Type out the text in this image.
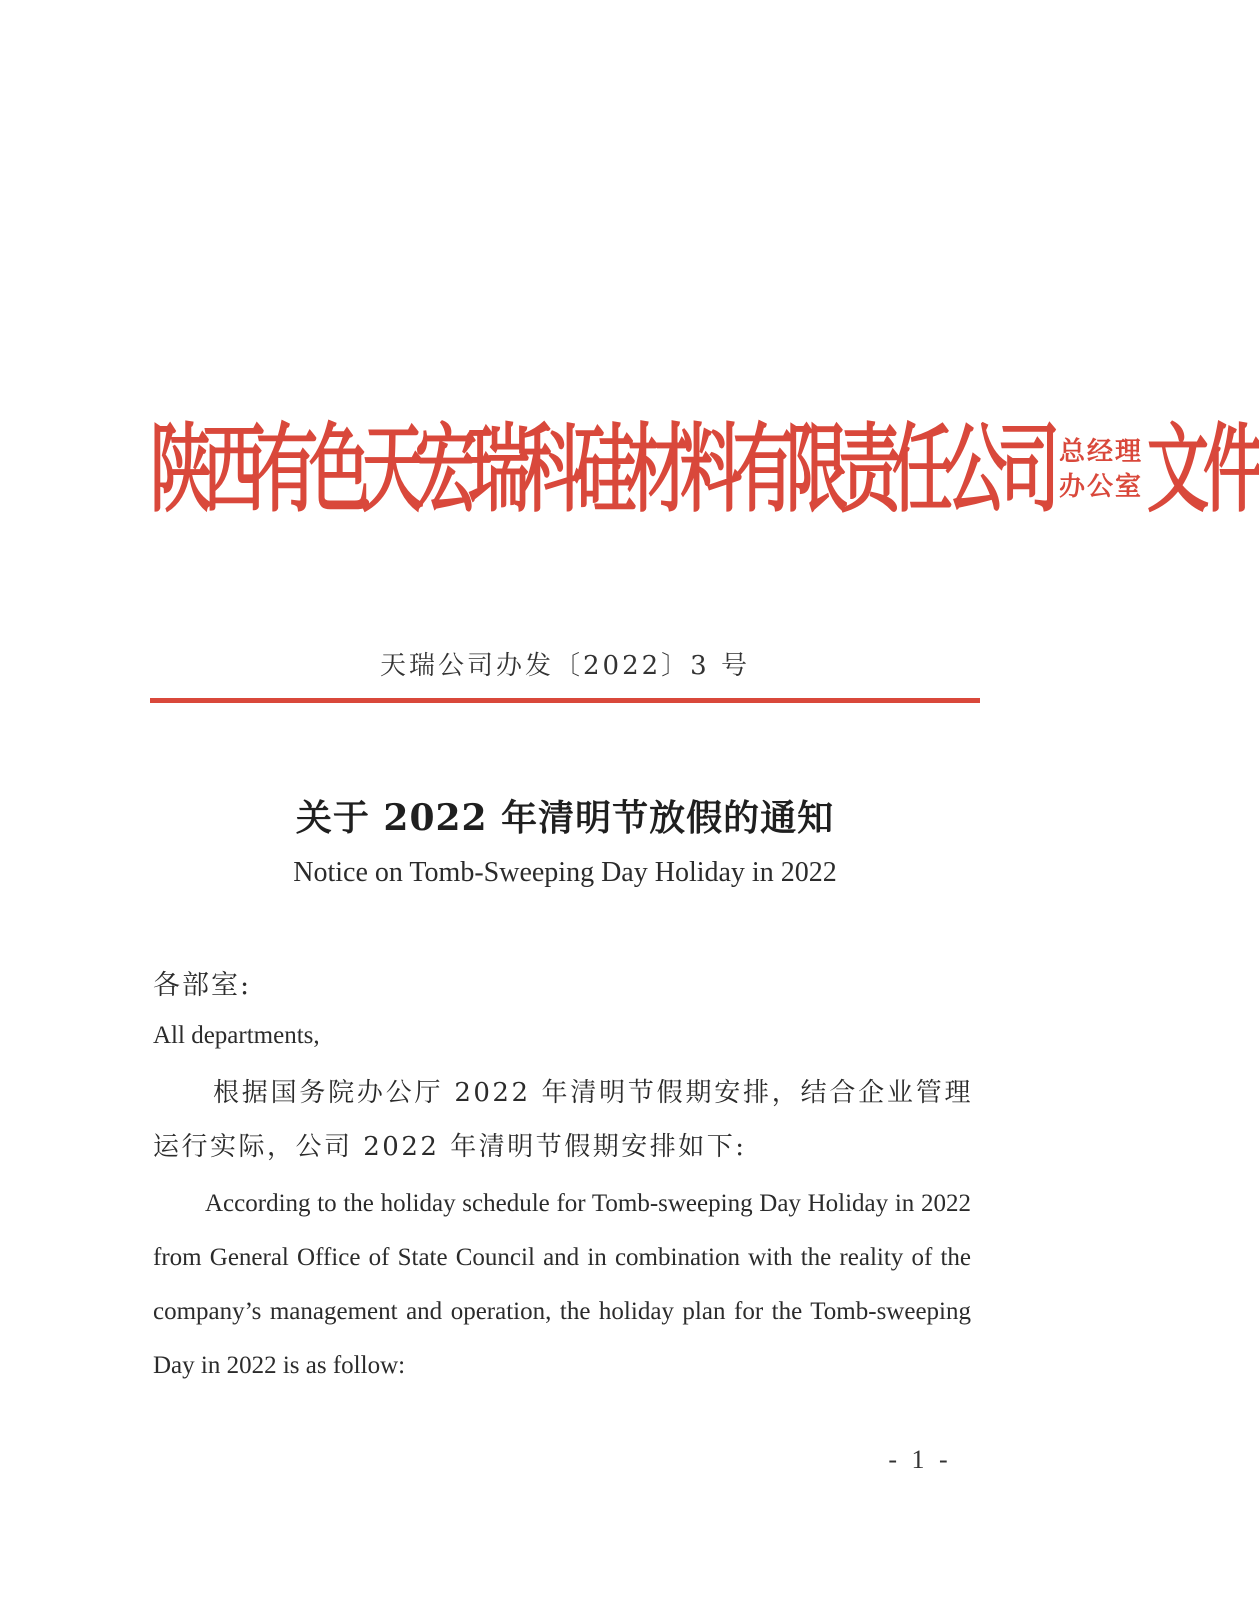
陕西有色天宏瑞科硅材料有限责任公司 总经理
办公室 文件
天瑞公司办发〔2022〕3 号
关于 2022 年清明节放假的通知
Notice on Tomb-Sweeping Day Holiday in 2022
各部室:
All departments,
根据国务院办公厅 2022 年清明节假期安排，结合企业管理运行实际，公司 2022 年清明节假期安排如下:
According to the holiday schedule for Tomb-sweeping Day Holiday in 2022 from General Office of State Council and in combination with the reality of the company’s management and operation, the holiday plan for the Tomb-sweeping Day in 2022 is as follow:
- 1 -
